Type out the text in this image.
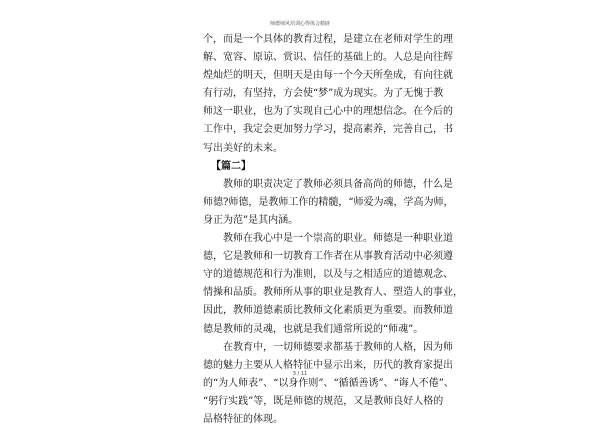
师德师风培训心得体会精辟
个，而是一个具体的教育过程，是建立在老师对学生的理
解、宽容、原谅、赏识、信任的基础上的。人总是向往辉
煌灿烂的明天，但明天是由每一个今天所垒成，有向往就
有行动，有坚持，方会使“梦”成为现实。为了无愧于教
师这一职业，也为了实现自己心中的理想信念。在今后的
工作中，我定会更加努力学习，提高素养，完善自己，书
写出美好的未来。
【篇二】
教师的职责决定了教师必须具备高尚的师德，什么是
师德?师德，是教师工作的精髓，“师爱为魂，学高为师，
身正为范”是其内涵。
教师在我心中是一个崇高的职业。师德是一种职业道
德，它是教师和一切教育工作者在从事教育活动中必须遵
守的道德规范和行为准则，以及与之相适应的道德观念、
情操和品质。教师所从事的职业是教育人、塑造人的事业，
因此，教师道德素质比教师文化素质更为重要。而教师道
德是教师的灵魂，也就是我们通常所说的“师魂”。
在教育中，一切师德要求都基于教师的人格，因为师
德的魅力主要从人格特征中显示出来，历代的教育家提出
的“为人师表”、“以身作则”、“循循善诱”、“诲人不倦”、
“躬行实践”等，既是师德的规范，又是教师良好人格的
品格特征的体现。
3 / 11
